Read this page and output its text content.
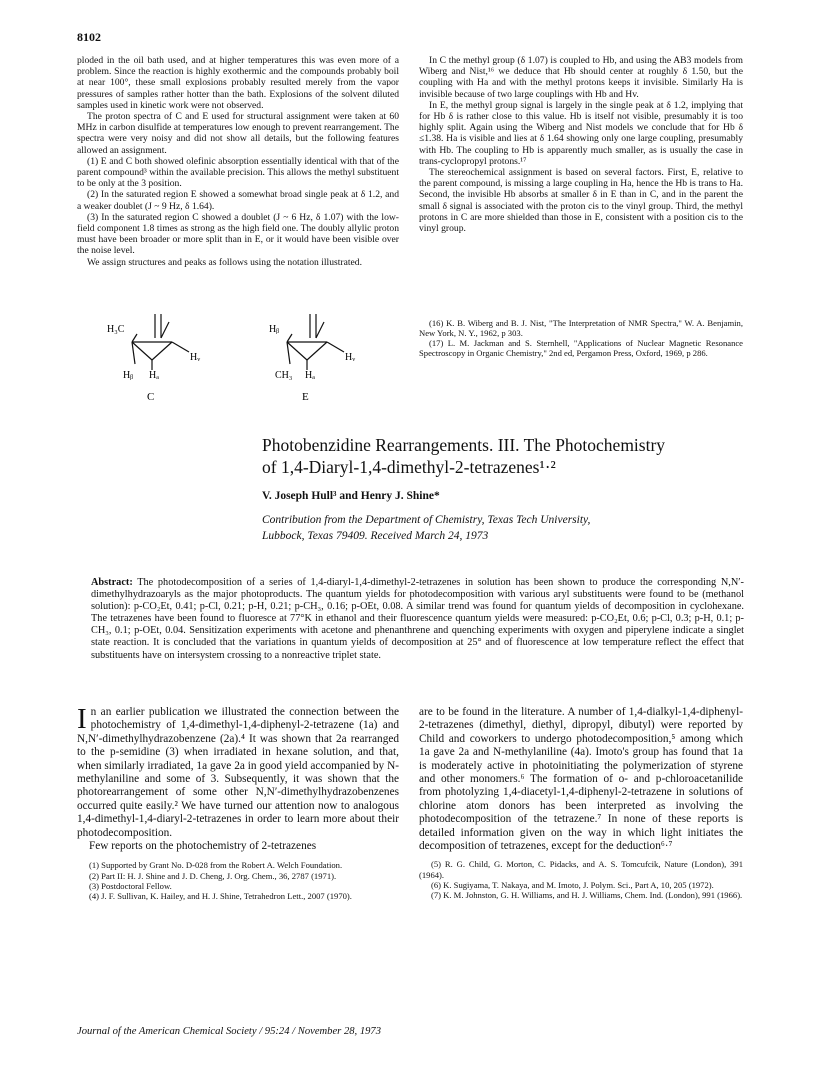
8102

ploded in the oil bath used, and at higher temperatures this was even more of a problem. Since the reaction is highly exothermic and the compounds probably boil at near 100°, these small explosions probably resulted merely from the vapor pressures of samples rather hotter than the bath. Explosions of the solvent diluted samples used in kinetic work were not observed.

The proton spectra of C and E used for structural assignment were taken at 60 MHz in carbon disulfide at temperatures low enough to prevent rearrangement. The spectra were very noisy and did not show all details, but the following features allowed an assignment.

(1) E and C both showed olefinic absorption essentially identical with that of the parent compound³ within the available precision. This allows the methyl substituent to be only at the 3 position.

(2) In the saturated region E showed a somewhat broad single peak at δ 1.2, and a weaker doublet (J ~ 9 Hz, δ 1.64).

(3) In the saturated region C showed a doublet (J ~ 6 Hz, δ 1.07) with the low-field component 1.8 times as strong as the high field one. The doubly allylic proton must have been broader or more split than in E, or it would have been visible over the noise level.

We assign structures and peaks as follows using the notation illustrated.

In C the methyl group (δ 1.07) is coupled to Hb, and using the AB3 models from Wiberg and Nist,¹⁶ we deduce that Hb should center at roughly δ 1.50, but the coupling with Ha and with the methyl protons keeps it invisible. Similarly Ha is invisible because of two large couplings with Hb and Hv.

In E, the methyl group signal is largely in the single peak at δ 1.2, implying that for Hb δ is rather close to this value. Hb is itself not visible, presumably it is too highly split. Again using the Wiberg and Nist models we conclude that for Hb δ ≤1.38. Ha is visible and lies at δ 1.64 showing only one large coupling, presumably with Hb. The coupling to Hb is apparently much smaller, as is usually the case in trans-cyclopropyl protons.¹⁷

The stereochemical assignment is based on several factors. First, E, relative to the parent compound, is missing a large coupling in Ha, hence the Hb is trans to Ha. Second, the invisible Hb absorbs at smaller δ in E than in C, and in the parent the small δ signal is associated with the proton cis to the vinyl group. Third, the methyl protons in C are more shielded than those in E, consistent with a position cis to the vinyl group.

(16) K. B. Wiberg and B. J. Nist, "The Interpretation of NMR Spectra," W. A. Benjamin, New York, N. Y., 1962, p 303.

(17) L. M. Jackman and S. Sternhell, "Applications of Nuclear Magnetic Resonance Spectroscopy in Organic Chemistry," 2nd ed, Pergamon Press, Oxford, 1969, p 286.

H₃C
Hᵥ
Hᵦ Hₐ
C
Hᵦ
Hᵥ
CH₃ Hₐ
E
Photobenzidine Rearrangements. III. The Photochemistry
of 1,4-Diaryl-1,4-dimethyl-2-tetrazenes¹·²
V. Joseph Hull³ and Henry J. Shine*
Contribution from the Department of Chemistry, Texas Tech University,
Lubbock, Texas 79409. Received March 24, 1973
Abstract: The photodecomposition of a series of 1,4-diaryl-1,4-dimethyl-2-tetrazenes in solution has been shown to produce the corresponding N,N′-dimethylhydrazoaryls as the major photoproducts. The quantum yields for photodecomposition with various aryl substituents were found to be (methanol solution): p-CO₂Et, 0.41; p-Cl, 0.21; p-H, 0.21; p-CH₃, 0.16; p-OEt, 0.08. A similar trend was found for quantum yields of decomposition in cyclohexane. The tetrazenes have been found to fluoresce at 77°K in ethanol and their fluorescence quantum yields were measured: p-CO₂Et, 0.6; p-Cl, 0.3; p-H, 0.1; p-CH₃, 0.1; p-OEt, 0.04. Sensitization experiments with acetone and phenanthrene and quenching experiments with oxygen and piperylene indicate a singlet state reaction. It is concluded that the variations in quantum yields of decomposition at 25° and of fluorescence at low temperature reflect the effect that substituents have on intersystem crossing to a nonreactive triplet state.

I n an earlier publication we illustrated the connection between the photochemistry of 1,4-dimethyl-1,4-diphenyl-2-tetrazene (1a) and N,N′-dimethylhydrazobenzene (2a).⁴ It was shown that 2a rearranged to the p-semidine (3) when irradiated in hexane solution, and that, when similarly irradiated, 1a gave 2a in good yield accompanied by N-methylaniline and some of 3. Subsequently, it was shown that the photorearrangement of some other N,N′-dimethylhydrazobenzenes occurred quite easily.² We have turned our attention now to analogous 1,4-dimethyl-1,4-diaryl-2-tetrazenes in order to learn more about their photodecomposition.

Few reports on the photochemistry of 2-tetrazenes

(1) Supported by Grant No. D-028 from the Robert A. Welch Foundation.

(2) Part II: H. J. Shine and J. D. Cheng, J. Org. Chem., 36, 2787 (1971).

(3) Postdoctoral Fellow.

(4) J. F. Sullivan, K. Hailey, and H. J. Shine, Tetrahedron Lett., 2007 (1970).

are to be found in the literature. A number of 1,4-dialkyl-1,4-diphenyl-2-tetrazenes (dimethyl, diethyl, dipropyl, dibutyl) were reported by Child and coworkers to undergo photodecomposition,⁵ among which 1a gave 2a and N-methylaniline (4a). Imoto's group has found that 1a is moderately active in photoinitiating the polymerization of styrene and other monomers.⁶ The formation of o- and p-chloroacetanilide from photolyzing 1,4-diacetyl-1,4-diphenyl-2-tetrazene in solutions of chlorine atom donors has been interpreted as involving the photodecomposition of the tetrazene.⁷ In none of these reports is detailed information given on the way in which light initiates the decomposition of tetrazenes, except for the deduction⁶·⁷

(5) R. G. Child, G. Morton, C. Pidacks, and A. S. Tomcufcik, Nature (London), 391 (1964).

(6) K. Sugiyama, T. Nakaya, and M. Imoto, J. Polym. Sci., Part A, 10, 205 (1972).

(7) K. M. Johnston, G. H. Williams, and H. J. Williams, Chem. Ind. (London), 991 (1966).

Journal of the American Chemical Society / 95:24 / November 28, 1973
